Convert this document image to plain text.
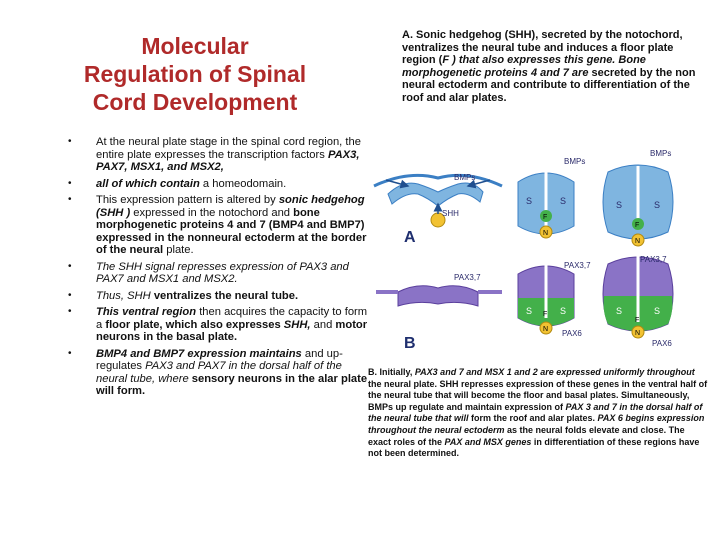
Molecular
Regulation of Spinal
Cord Development
• At the neural plate stage in the spinal cord region, the entire plate expresses the transcription factors PAX3, PAX7, MSX1, and MSX2,
• all of which contain a homeodomain.
• This expression pattern is altered by sonic hedgehog (SHH ) expressed in the notochord and bone morphogenetic proteins 4 and 7 (BMP4 and BMP7) expressed in the nonneural ectoderm at the border of the neural plate.
• The SHH signal represses expression of PAX3 and PAX7 and MSX1 and MSX2.
• Thus, SHH ventralizes the neural tube.
• This ventral region then acquires the capacity to form a floor plate, which also expresses SHH, and motor neurons in the basal plate.
• BMP4 and BMP7 expression maintains and up-regulates PAX3 and PAX7 in the dorsal half of the neural tube, where sensory neurons in the alar plate will form.
A. Sonic hedgehog (SHH), secreted by the notochord, ventralizes the neural tube and induces a floor plate region (F ) that also expresses this gene. Bone morphogenetic proteins 4 and 7 are secreted by the non neural ectoderm and contribute to differentiation of the roof and alar plates.
BMPs
SHH
S	S
F
N
BMPs
S	S
F
N
BMPs
A
PAX3,7
S	S
F
N
PAX3,7
PAX6
S	S
F
N
PAX3,7
PAX6
B
B. Initially, PAX3 and 7 and MSX 1 and 2 are expressed uniformly throughout the neural plate. SHH represses expression of these genes in the ventral half of the neural tube that will become the floor and basal plates. Simultaneously, BMPs up regulate and maintain expression of PAX 3 and 7 in the dorsal half of the neural tube that will form the roof and alar plates. PAX 6 begins expression throughout the neural ectoderm as the neural folds elevate and close. The exact roles of the PAX and MSX genes in differentiation of these regions have not been determined.
